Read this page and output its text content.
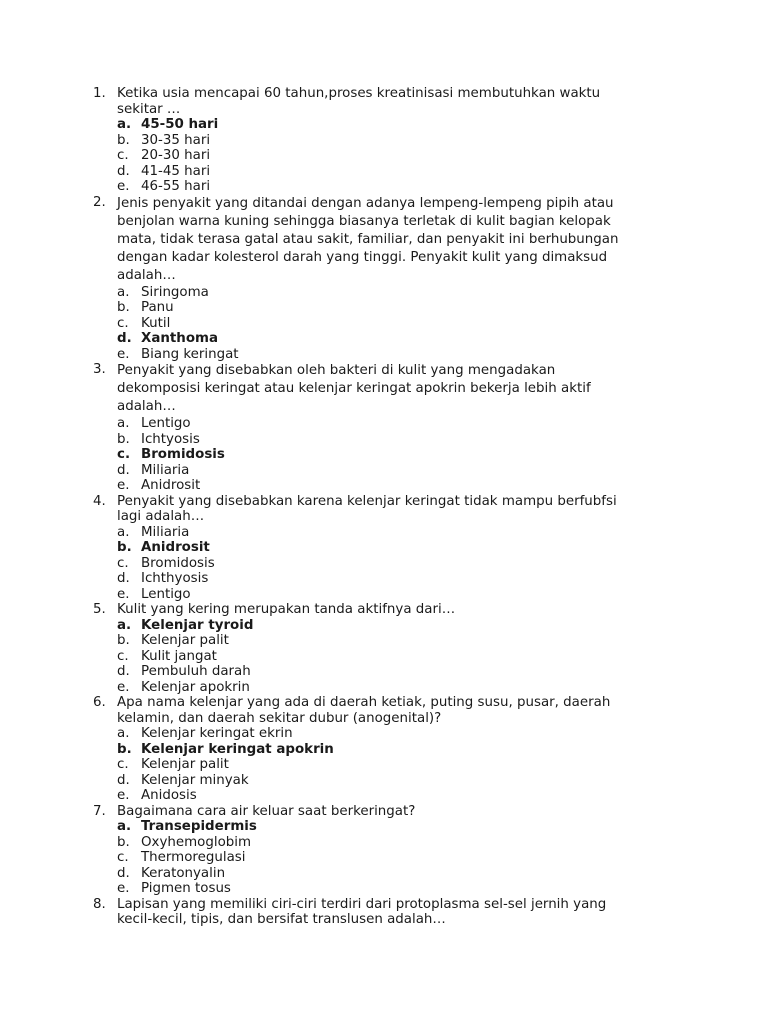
1. Ketika usia mencapai 60 tahun,proses kreatinisasi membutuhkan waktu
sekitar …
a. 45-50 hari
b. 30-35 hari
c. 20-30 hari
d. 41-45 hari
e. 46-55 hari
2. Jenis penyakit yang ditandai dengan adanya lempeng-lempeng pipih atau
benjolan warna kuning sehingga biasanya terletak di kulit bagian kelopak
mata, tidak terasa gatal atau sakit, familiar, dan penyakit ini berhubungan
dengan kadar kolesterol darah yang tinggi. Penyakit kulit yang dimaksud
adalah…
a. Siringoma
b. Panu
c. Kutil
d. Xanthoma
e. Biang keringat
3. Penyakit yang disebabkan oleh bakteri di kulit yang mengadakan
dekomposisi keringat atau kelenjar keringat apokrin bekerja lebih aktif
adalah…
a. Lentigo
b. Ichtyosis
c. Bromidosis
d. Miliaria
e. Anidrosit
4. Penyakit yang disebabkan karena kelenjar keringat tidak mampu berfubfsi
lagi adalah…
a. Miliaria
b. Anidrosit
c. Bromidosis
d. Ichthyosis
e. Lentigo
5. Kulit yang kering merupakan tanda aktifnya dari…
a. Kelenjar tyroid
b. Kelenjar palit
c. Kulit jangat
d. Pembuluh darah
e. Kelenjar apokrin
6. Apa nama kelenjar yang ada di daerah ketiak, puting susu, pusar, daerah
kelamin, dan daerah sekitar dubur (anogenital)?
a. Kelenjar keringat ekrin
b. Kelenjar keringat apokrin
c. Kelenjar palit
d. Kelenjar minyak
e. Anidosis
7. Bagaimana cara air keluar saat berkeringat?
a. Transepidermis
b. Oxyhemoglobim
c. Thermoregulasi
d. Keratonyalin
e. Pigmen tosus
8. Lapisan yang memiliki ciri-ciri terdiri dari protoplasma sel-sel jernih yang
kecil-kecil, tipis, dan bersifat translusen adalah…
